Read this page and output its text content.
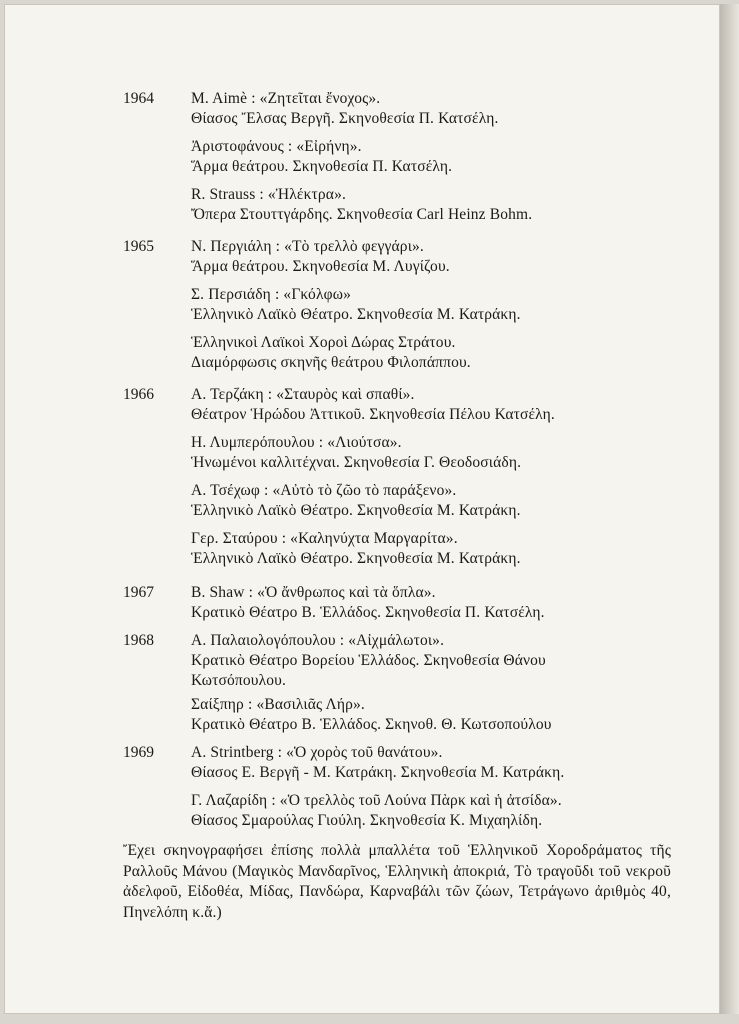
1964	M. Aimè : «Ζητεῖται ἔνοχος».
Θίασος Ἔλσας Βεργῆ. Σκηνοθεσία Π. Κατσέλη.
Ἀριστοφάνους : «Εἰρήνη».
Ἅρμα θεάτρου. Σκηνοθεσία Π. Κατσέλη.
R. Strauss : «Ἠλέκτρα».
Ὄπερα Στουττγάρδης. Σκηνοθεσία Carl Heinz Bohm.
1965	Ν. Περγιάλη : «Τὸ τρελλὸ φεγγάρι».
Ἅρμα θεάτρου. Σκηνοθεσία Μ. Λυγίζου.
Σ. Περσιάδη : «Γκόλφω»
Ἑλληνικὸ Λαϊκὸ Θέατρο. Σκηνοθεσία Μ. Κατράκη.
Ἑλληνικοὶ Λαϊκοὶ Χοροὶ Δώρας Στράτου.
Διαμόρφωσις σκηνῆς θεάτρου Φιλοπάππου.
1966	Α. Τερζάκη : «Σταυρὸς καὶ σπαθί».
Θέατρον Ἡρώδου Ἀττικοῦ. Σκηνοθεσία Πέλου Κατσέλη.
Η. Λυμπερόπουλου : «Λιούτσα».
Ἡνωμένοι καλλιτέχναι. Σκηνοθεσία Γ. Θεοδοσιάδη.
Α. Τσέχωφ : «Αὐτὸ τὸ ζῶο τὸ παράξενο».
Ἑλληνικὸ Λαϊκὸ Θέατρο. Σκηνοθεσία Μ. Κατράκη.
Γερ. Σταύρου : «Καληνύχτα Μαργαρίτα».
Ἑλληνικὸ Λαϊκὸ Θέατρο. Σκηνοθεσία Μ. Κατράκη.
1967	B. Shaw : «Ὁ ἄνθρωπος καὶ τὰ ὅπλα».
Κρατικὸ Θέατρο Β. Ἑλλάδος. Σκηνοθεσία Π. Κατσέλη.
1968	Α. Παλαιολογόπουλου : «Αἰχμάλωτοι».
Κρατικὸ Θέατρο Βορείου Ἑλλάδος. Σκηνοθεσία Θάνου
Κωτσόπουλου.
Σαίξπηρ : «Βασιλιᾶς Λήρ».
Κρατικὸ Θέατρο Β. Ἑλλάδος. Σκηνοθ. Θ. Κωτσοπούλου
1969	A. Strintberg : «Ὁ χορὸς τοῦ θανάτου».
Θίασος Ε. Βεργῆ - Μ. Κατράκη. Σκηνοθεσία Μ. Κατράκη.
Γ. Λαζαρίδη : «Ὁ τρελλὸς τοῦ Λούνα Πὰρκ καὶ ἡ ἀτσίδα».
Θίασος Σμαρούλας Γιούλη. Σκηνοθεσία Κ. Μιχαηλίδη.
Ἔχει σκηνογραφήσει ἐπίσης πολλὰ μπαλλέτα τοῦ Ἑλληνικοῦ Χοροδράματος τῆς Ραλλοῦς Μάνου (Μαγικὸς Μανδαρῖνος, Ἑλληνικὴ ἀποκριά, Τὸ τραγοῦδι τοῦ νεκροῦ ἀδελφοῦ, Εἰδοθέα, Μίδας, Πανδώρα, Καρναβάλι τῶν ζώων, Τετράγωνο ἀριθμὸς 40, Πηνελόπη κ.ἄ.)
